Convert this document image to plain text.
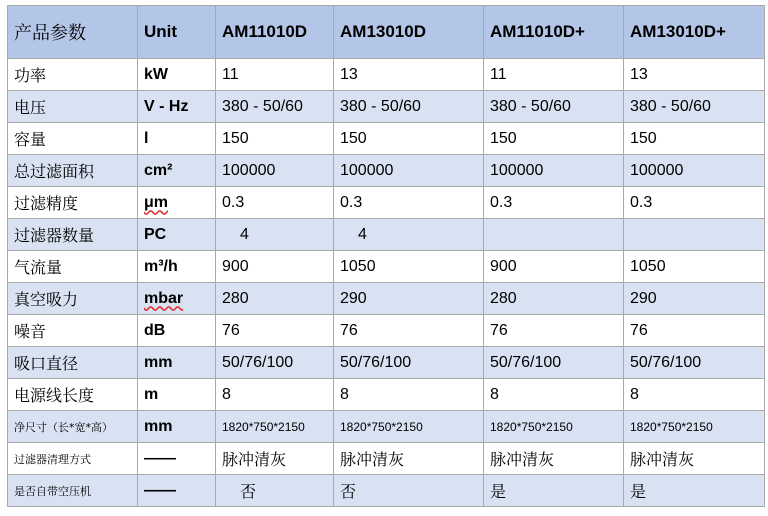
产品参数	Unit	AM11010D	AM13010D	AM11010D+	AM13010D+
功率	kW	11	13	11	13
电压	V - Hz	380 - 50/60	380 - 50/60	380 - 50/60	380 - 50/60
容量	l	150	150	150	150
总过滤面积	cm²	100000	100000	100000	100000
过滤精度	μm	0.3	0.3	0.3	0.3
过滤器数量	PC	4	4		
气流量	m³/h	900	1050	900	1050
真空吸力	mbar	280	290	280	290
噪音	dB	76	76	76	76
吸口直径	mm	50/76/100	50/76/100	50/76/100	50/76/100
电源线长度	m	8	8	8	8
净尺寸（长*宽*高）	mm	1820*750*2150	1820*750*2150	1820*750*2150	1820*750*2150
过滤器清理方式	——	脉冲清灰	脉冲清灰	脉冲清灰	脉冲清灰
是否自带空压机	——	否	否	是	是
